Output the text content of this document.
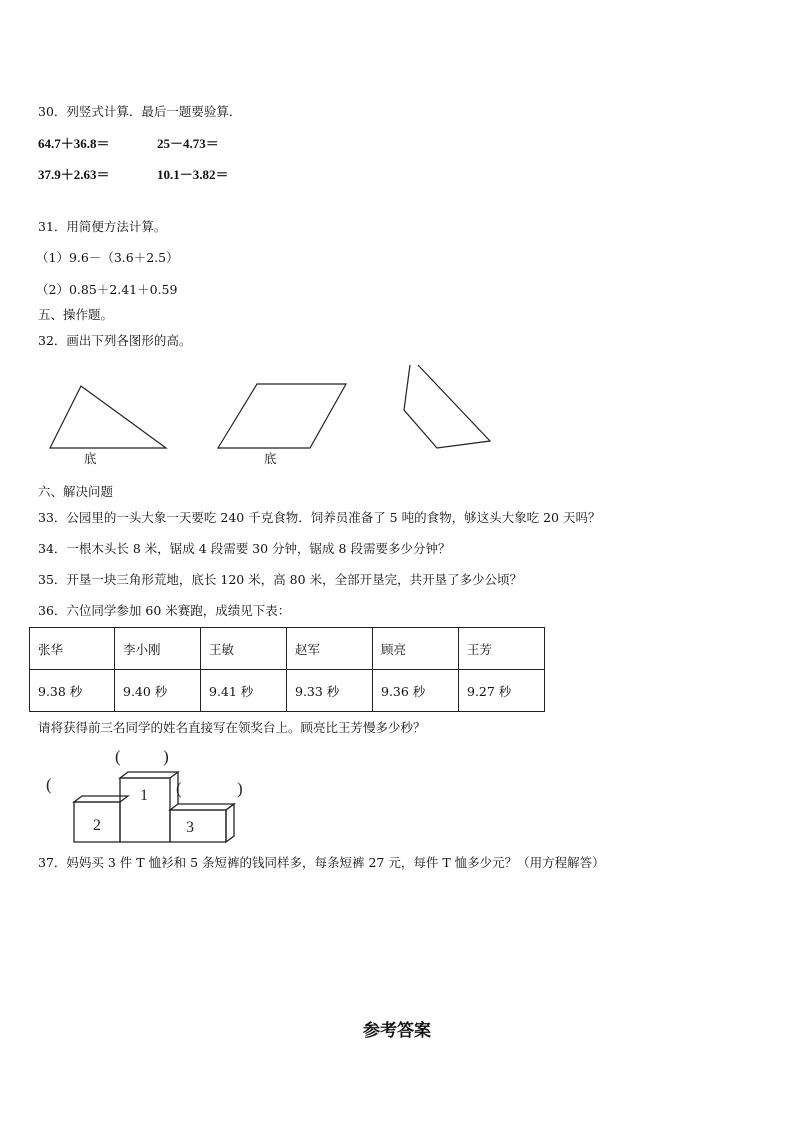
30．列竖式计算．最后一题要验算．
64.7＋36.8＝	25－4.73＝
37.9＋2.63＝	10.1－3.82＝
31．用简便方法计算。
（1）9.6－（3.6＋2.5）
（2）0.85＋2.41＋0.59
五、操作题。
32．画出下列各图形的高。
底	底
六、解决问题
33．公园里的一头大象一天要吃 240 千克食物．饲养员准备了 5 吨的食物，够这头大象吃 20 天吗？
34．一根木头长 8 米，锯成 4 段需要 30 分钟，锯成 8 段需要多少分钟？
35．开垦一块三角形荒地，底长 120 米，高 80 米，全部开垦完，共开垦了多少公顷？
36．六位同学参加 60 米赛跑，成绩见下表：
张华	李小刚	王敏	赵军	顾亮	王芳
9.38 秒	9.40 秒	9.41 秒	9.33 秒	9.36 秒	9.27 秒
请将获得前三名同学的姓名直接写在领奖台上。顾亮比王芳慢多少秒？
1
2	3
(          )
(	(	)
37．妈妈买 3 件 T 恤衫和 5 条短裤的钱同样多，每条短裤 27 元，每件 T 恤多少元？（用方程解答）
参考答案
